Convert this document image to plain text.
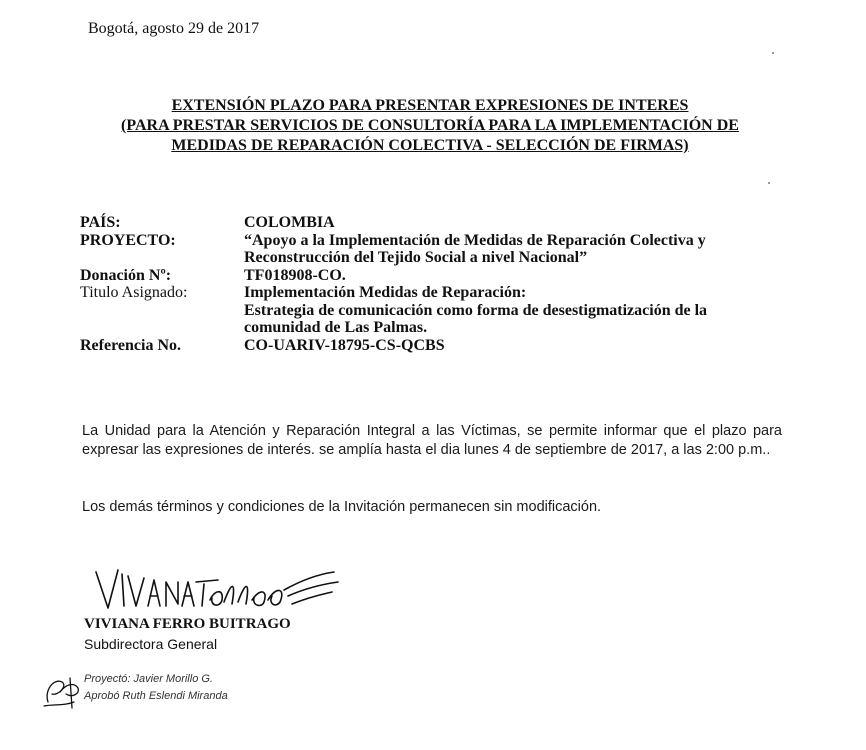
Bogotá, agosto 29 de 2017
EXTENSIÓN PLAZO PARA PRESENTAR EXPRESIONES DE INTERES
(PARA PRESTAR SERVICIOS DE CONSULTORÍA PARA LA IMPLEMENTACIÓN DE
MEDIDAS DE REPARACIÓN COLECTIVA - SELECCIÓN DE FIRMAS)
PAÍS:	COLOMBIA
PROYECTO:	“Apoyo a la Implementación de Medidas de Reparación Colectiva y
Reconstrucción del Tejido Social a nivel Nacional”
Donación Nº:	TF018908-CO.
Titulo Asignado:	Implementación Medidas de Reparación:
Estrategia de comunicación como forma de desestigmatización de la
comunidad de Las Palmas.
Referencia No.	CO-UARIV-18795-CS-QCBS
La Unidad para la Atención y Reparación Integral a las Víctimas, se permite informar que el plazo para expresar las expresiones de interés. se amplía hasta el dia lunes 4 de septiembre de 2017, a las 2:00 p.m..
Los demás términos y condiciones de la Invitación permanecen sin modificación.
VIVIANA FERRO BUITRAGO
Subdirectora General
Proyectó: Javier Morillo G.
Aprobó Ruth Eslendi Miranda
